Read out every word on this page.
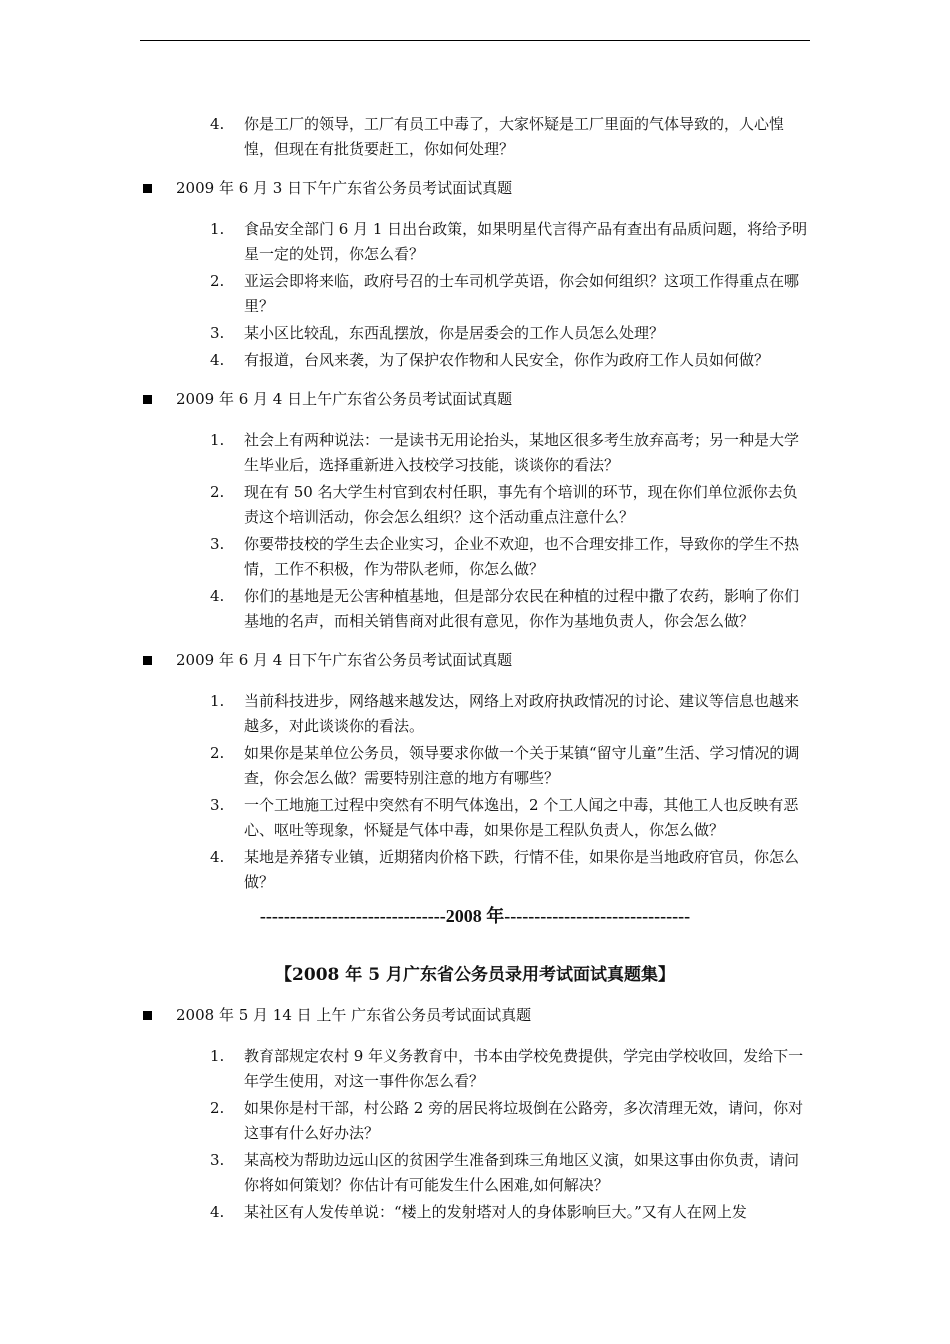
4.	你是工厂的领导，工厂有员工中毒了，大家怀疑是工厂里面的气体导致的，人心惶惶，但现在有批货要赶工，你如何处理？
2009 年 6 月 3 日下午广东省公务员考试面试真题
1.	食品安全部门 6 月 1 日出台政策，如果明星代言得产品有查出有品质问题，将给予明星一定的处罚，你怎么看？
2.	亚运会即将来临，政府号召的士车司机学英语，你会如何组织？这项工作得重点在哪里？
3.	某小区比较乱，东西乱摆放，你是居委会的工作人员怎么处理？
4.	有报道，台风来袭，为了保护农作物和人民安全，你作为政府工作人员如何做？
2009 年 6 月 4 日上午广东省公务员考试面试真题
1.	社会上有两种说法：一是读书无用论抬头，某地区很多考生放弃高考；另一种是大学生毕业后，选择重新进入技校学习技能，谈谈你的看法？
2.	现在有 50 名大学生村官到农村任职，事先有个培训的环节，现在你们单位派你去负责这个培训活动，你会怎么组织？这个活动重点注意什么？
3.	你要带技校的学生去企业实习，企业不欢迎，也不合理安排工作，导致你的学生不热情，工作不积极，作为带队老师，你怎么做？
4.	你们的基地是无公害种植基地，但是部分农民在种植的过程中撒了农药，影响了你们基地的名声，而相关销售商对此很有意见，你作为基地负责人，你会怎么做？
2009 年 6 月 4 日下午广东省公务员考试面试真题
1.	当前科技进步，网络越来越发达，网络上对政府执政情况的讨论、建议等信息也越来越多，对此谈谈你的看法。
2.	如果你是某单位公务员，领导要求你做一个关于某镇“留守儿童”生活、学习情况的调查，你会怎么做？需要特别注意的地方有哪些？
3.	一个工地施工过程中突然有不明气体逸出，2 个工人闻之中毒，其他工人也反映有恶心、呕吐等现象，怀疑是气体中毒，如果你是工程队负责人，你怎么做？
4.	某地是养猪专业镇，近期猪肉价格下跌，行情不佳，如果你是当地政府官员，你怎么做？
-------------------------------2008 年-------------------------------
【2008 年 5 月广东省公务员录用考试面试真题集】
2008 年 5 月 14 日 上午 广东省公务员考试面试真题
1.	教育部规定农村 9 年义务教育中，书本由学校免费提供，学完由学校收回，发给下一年学生使用，对这一事件你怎么看？
2.	如果你是村干部，村公路 2 旁的居民将垃圾倒在公路旁，多次清理无效，请问，你对这事有什么好办法？
3.	某高校为帮助边远山区的贫困学生准备到珠三角地区义演，如果这事由你负责，请问你将如何策划？你估计有可能发生什么困难,如何解决？
4.	某社区有人发传单说：“楼上的发射塔对人的身体影响巨大。”又有人在网上发
